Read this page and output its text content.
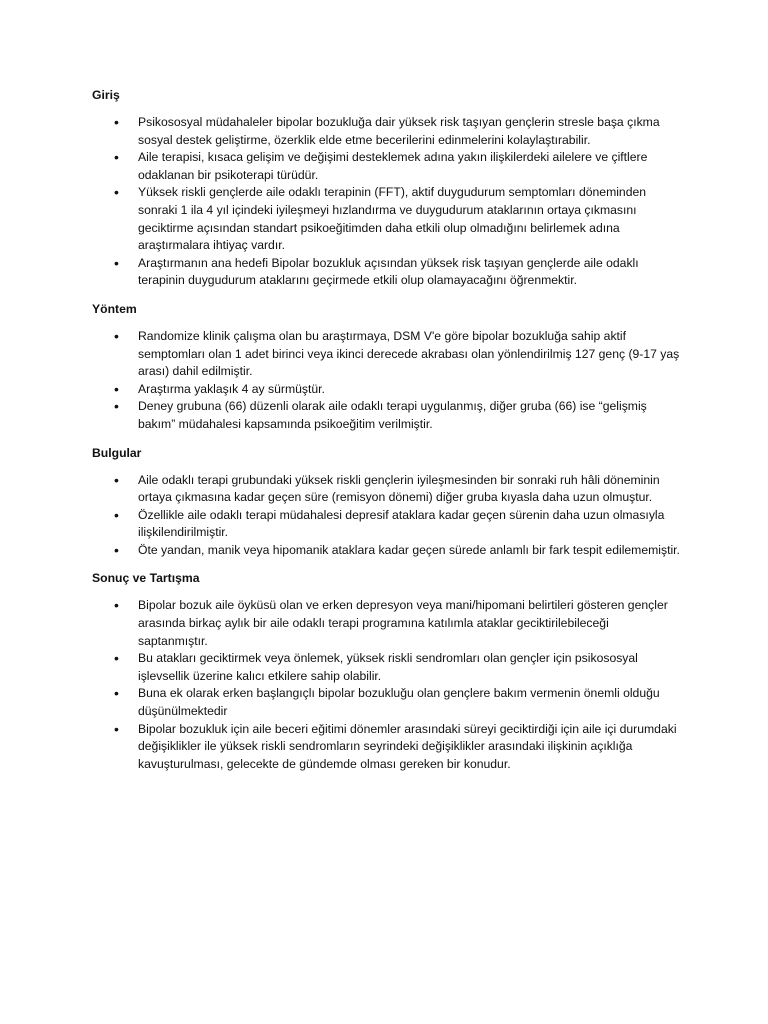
Giriş
• Psikososyal müdahaleler bipolar bozukluğa dair yüksek risk taşıyan gençlerin stresle başa çıkma sosyal destek geliştirme, özerklik elde etme becerilerini edinmelerini kolaylaştırabilir.
• Aile terapisi, kısaca gelişim ve değişimi desteklemek adına yakın ilişkilerdeki ailelere ve çiftlere odaklanan bir psikoterapi türüdür.
• Yüksek riskli gençlerde aile odaklı terapinin (FFT), aktif duygudurum semptomları döneminden sonraki 1 ila 4 yıl içindeki iyileşmeyi hızlandırma ve duygudurum ataklarının ortaya çıkmasını geciktirme açısından standart psikoeğitimden daha etkili olup olmadığını belirlemek adına araştırmalara ihtiyaç vardır.
• Araştırmanın ana hedefi Bipolar bozukluk açısından yüksek risk taşıyan gençlerde aile odaklı terapinin duygudurum ataklarını geçirmede etkili olup olamayacağını öğrenmektir.
Yöntem
• Randomize klinik çalışma olan bu araştırmaya, DSM V'e göre bipolar bozukluğa sahip aktif semptomları olan 1 adet birinci veya ikinci derecede akrabası olan yönlendirilmiş 127 genç (9-17 yaş arası) dahil edilmiştir.
• Araştırma yaklaşık 4 ay sürmüştür.
• Deney grubuna (66) düzenli olarak aile odaklı terapi uygulanmış, diğer gruba (66) ise “gelişmiş bakım” müdahalesi kapsamında psikoeğitim verilmiştir.
Bulgular
• Aile odaklı terapi grubundaki yüksek riskli gençlerin iyileşmesinden bir sonraki ruh hâli döneminin ortaya çıkmasına kadar geçen süre (remisyon dönemi) diğer gruba kıyasla daha uzun olmuştur.
• Özellikle aile odaklı terapi müdahalesi depresif ataklara kadar geçen sürenin daha uzun olmasıyla ilişkilendirilmiştir.
• Öte yandan, manik veya hipomanik ataklara kadar geçen sürede anlamlı bir fark tespit edilememiştir.
Sonuç ve Tartışma
• Bipolar bozuk aile öyküsü olan ve erken depresyon veya mani/hipomani belirtileri gösteren gençler arasında birkaç aylık bir aile odaklı terapi programına katılımla ataklar geciktirilebileceği saptanmıştır.
• Bu atakları geciktirmek veya önlemek, yüksek riskli sendromları olan gençler için psikososyal işlevsellik üzerine kalıcı etkilere sahip olabilir.
• Buna ek olarak erken başlangıçlı bipolar bozukluğu olan gençlere bakım vermenin önemli olduğu düşünülmektedir
• Bipolar bozukluk için aile beceri eğitimi dönemler arasındaki süreyi geciktirdiği için aile içi durumdaki değişiklikler ile yüksek riskli sendromların seyrindeki değişiklikler arasındaki ilişkinin açıklığa kavuşturulması, gelecekte de gündemde olması gereken bir konudur.
